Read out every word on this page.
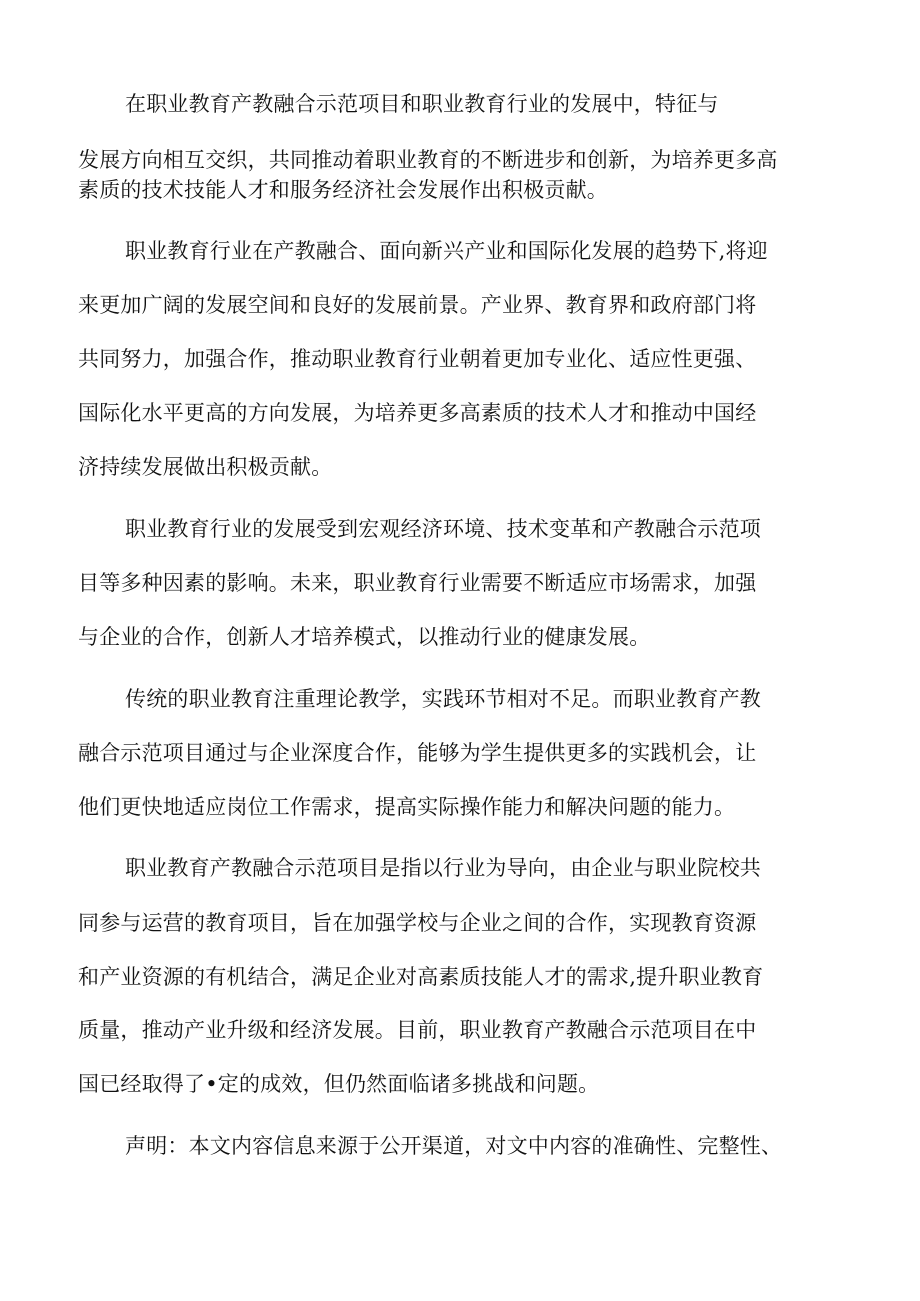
在职业教育产教融合示范项目和职业教育行业的发展中，特征与

发展方向相互交织，共同推动着职业教育的不断进步和创新，为培养更多高

素质的技术技能人才和服务经济社会发展作出积极贡献。

职业教育行业在产教融合、面向新兴产业和国际化发展的趋势下,将迎

来更加广阔的发展空间和良好的发展前景。产业界、教育界和政府部门将

共同努力，加强合作，推动职业教育行业朝着更加专业化、适应性更强、

国际化水平更高的方向发展，为培养更多高素质的技术人才和推动中国经

济持续发展做出积极贡献。

职业教育行业的发展受到宏观经济环境、技术变革和产教融合示范项

目等多种因素的影响。未来，职业教育行业需要不断适应市场需求，加强

与企业的合作，创新人才培养模式，以推动行业的健康发展。

传统的职业教育注重理论教学，实践环节相对不足。而职业教育产教

融合示范项目通过与企业深度合作，能够为学生提供更多的实践机会，让

他们更快地适应岗位工作需求，提高实际操作能力和解决问题的能力。

职业教育产教融合示范项目是指以行业为导向，由企业与职业院校共

同参与运营的教育项目，旨在加强学校与企业之间的合作，实现教育资源

和产业资源的有机结合，满足企业对高素质技能人才的需求,提升职业教育

质量，推动产业升级和经济发展。目前，职业教育产教融合示范项目在中

国已经取得了•定的成效，但仍然面临诸多挑战和问题。

声明：本文内容信息来源于公开渠道，对文中内容的准确性、完整性、
